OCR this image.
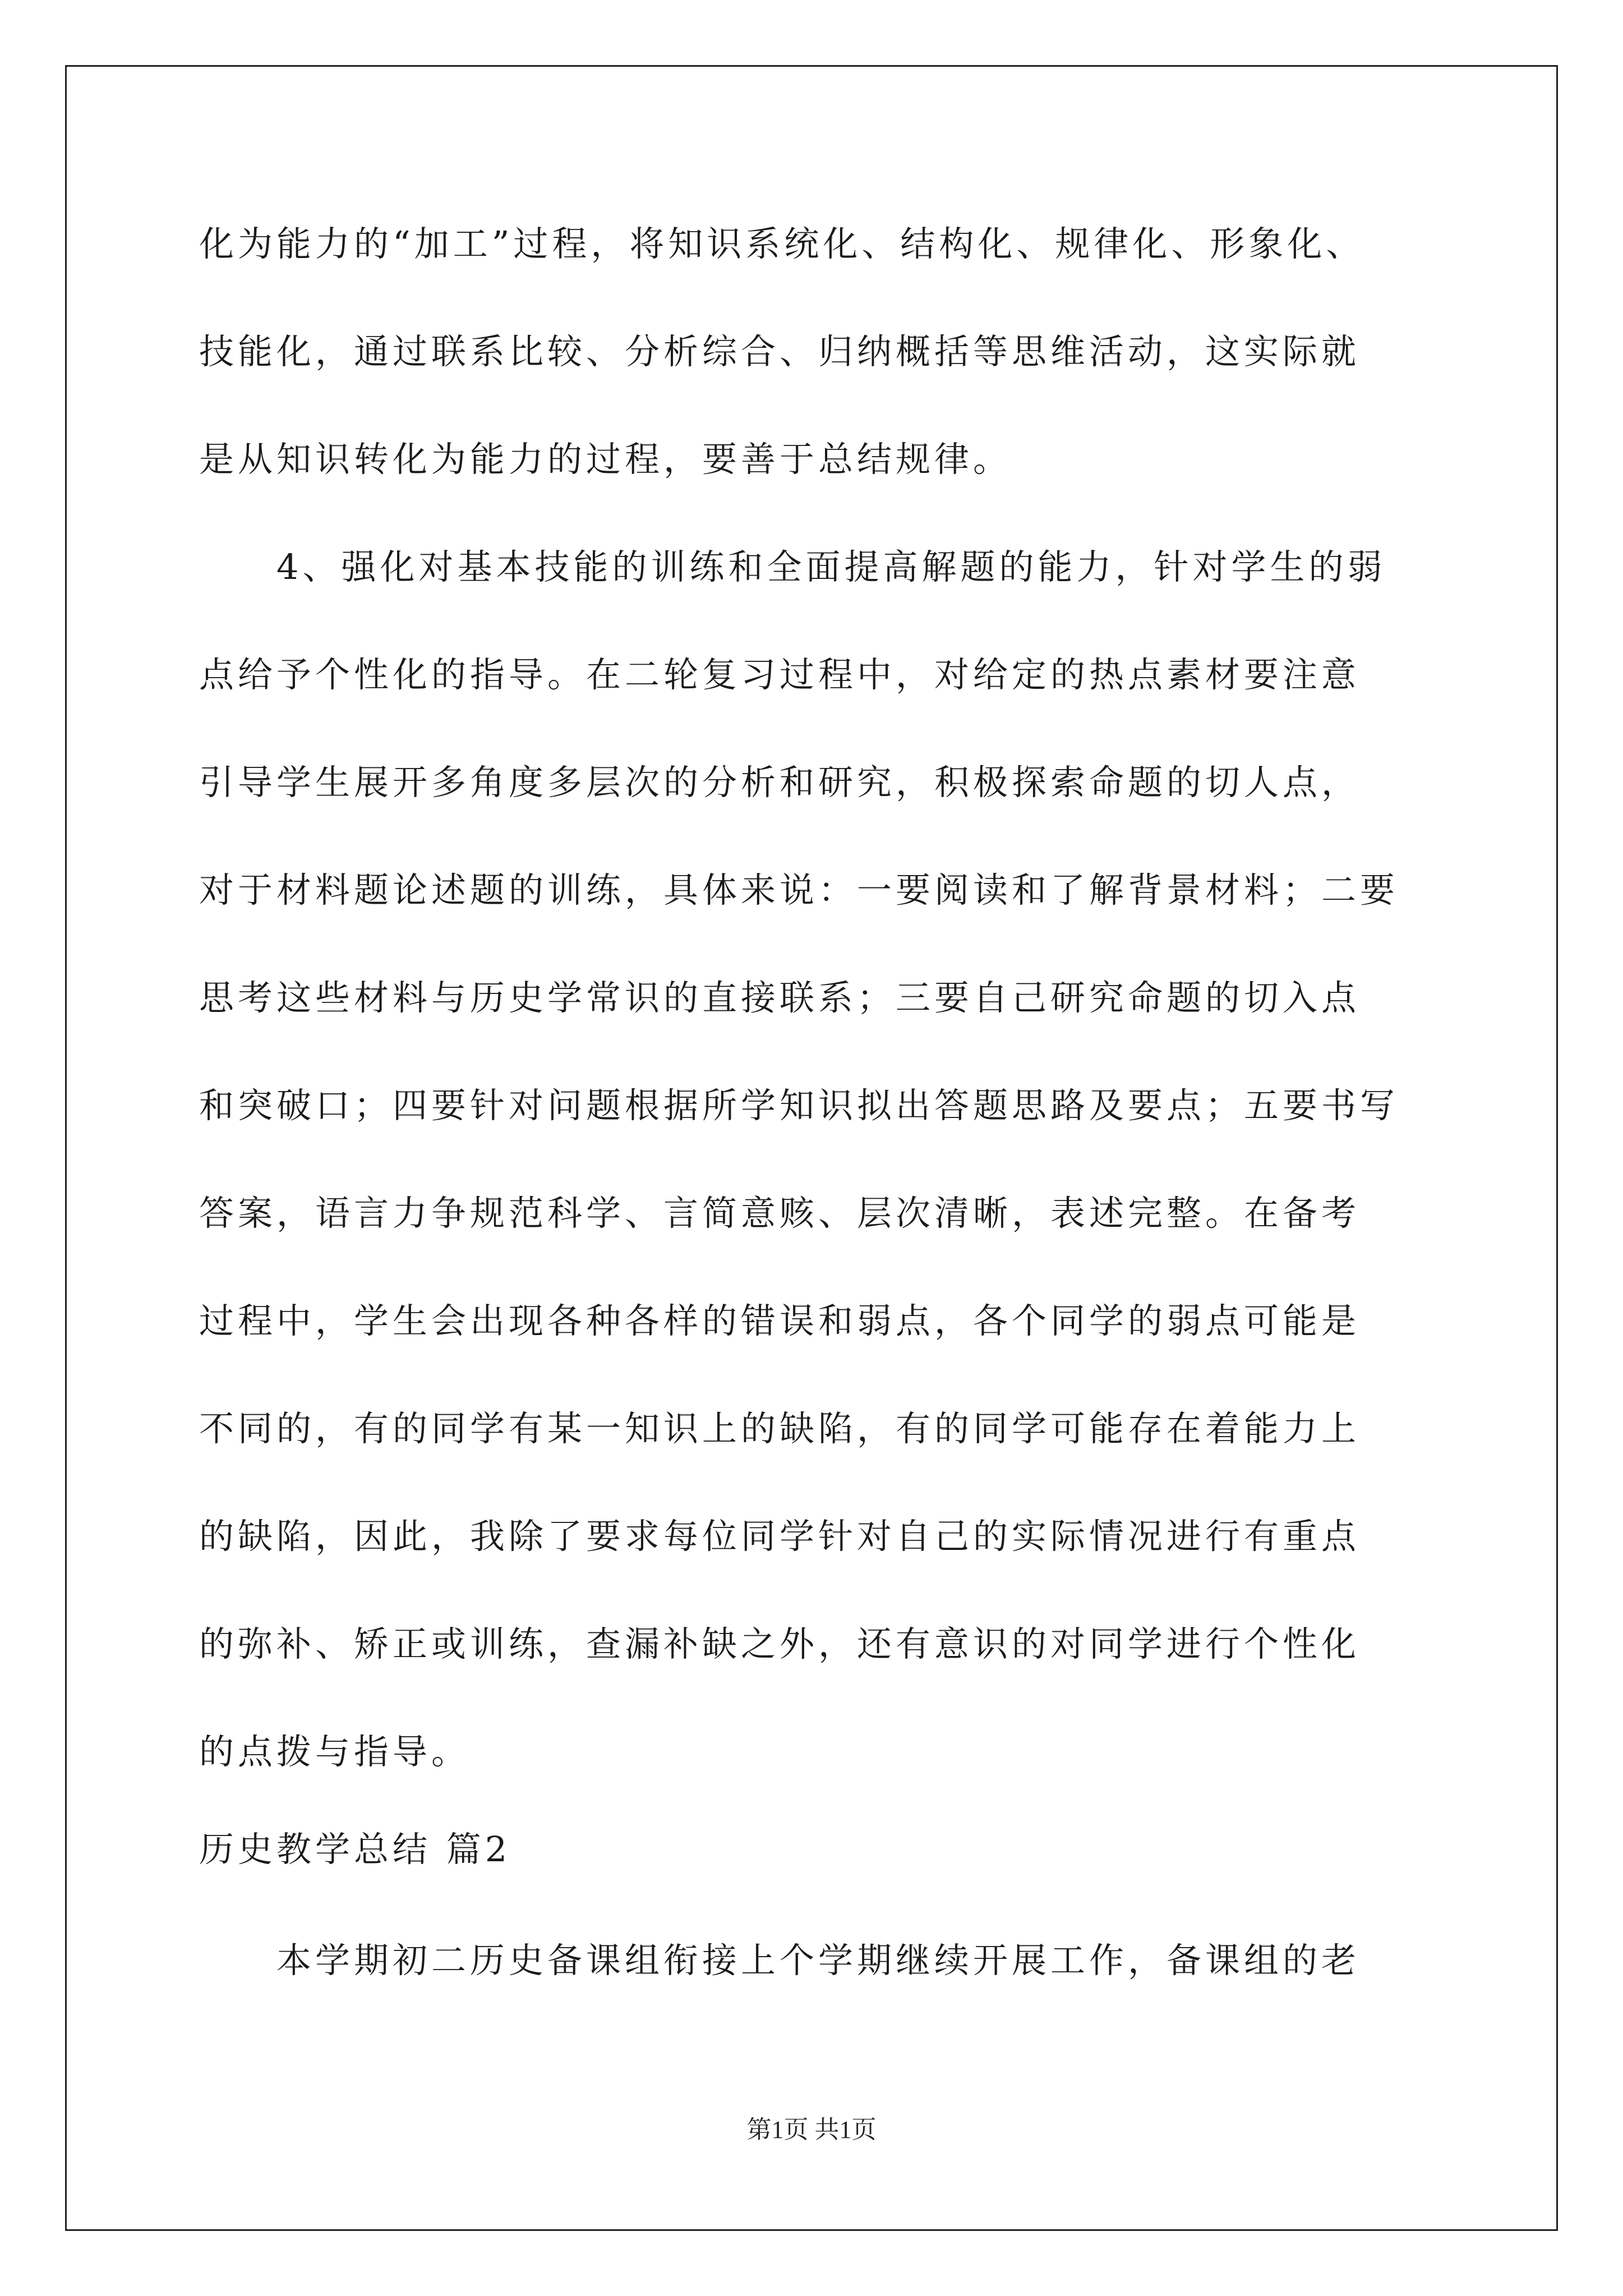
化为能力的“加工”过程，将知识系统化、结构化、规律化、形象化、
技能化，通过联系比较、分析综合、归纳概括等思维活动，这实际就
是从知识转化为能力的过程，要善于总结规律。
4、强化对基本技能的训练和全面提高解题的能力，针对学生的弱
点给予个性化的指导。在二轮复习过程中，对给定的热点素材要注意
引导学生展开多角度多层次的分析和研究，积极探索命题的切人点，
对于材料题论述题的训练，具体来说：一要阅读和了解背景材料；二要
思考这些材料与历史学常识的直接联系；三要自己研究命题的切入点
和突破口；四要针对问题根据所学知识拟出答题思路及要点；五要书写
答案，语言力争规范科学、言简意赅、层次清晰，表述完整。在备考
过程中，学生会出现各种各样的错误和弱点，各个同学的弱点可能是
不同的，有的同学有某一知识上的缺陷，有的同学可能存在着能力上
的缺陷，因此，我除了要求每位同学针对自己的实际情况进行有重点
的弥补、矫正或训练，查漏补缺之外，还有意识的对同学进行个性化
的点拨与指导。
历史教学总结 篇2
本学期初二历史备课组衔接上个学期继续开展工作，备课组的老
第1页 共1页
